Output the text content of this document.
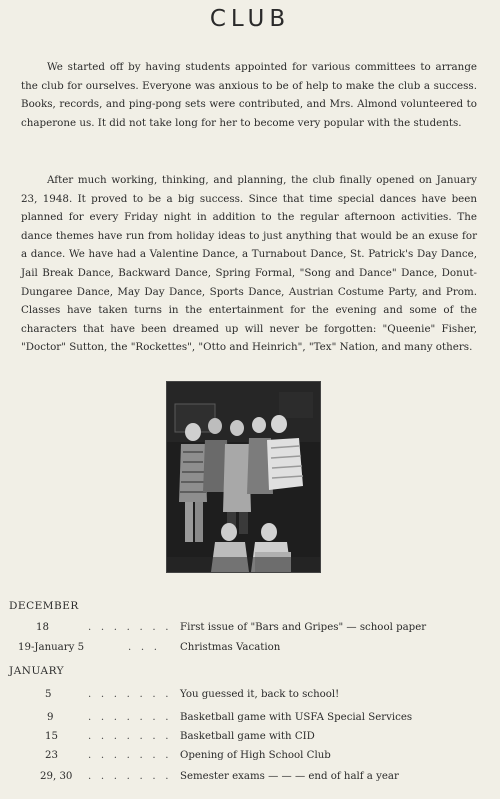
CLUB

We started off by having students appointed for various committees to arrange the club for ourselves. Everyone was anxious to be of help to make the club a success. Books, records, and ping-pong sets were contributed, and Mrs. Almond volunteered to chaperone us. It did not take long for her to become very popular with the students.

After much working, thinking, and planning, the club finally opened on January 23, 1948. It proved to be a big success. Since that time special dances have been planned for every Friday night in addition to the regular afternoon activities. The dance themes have run from holiday ideas to just anything that would be an exuse for a dance. We have had a Valentine Dance, a Turnabout Dance, St. Patrick's Day Dance, Jail Break Dance, Backward Dance, Spring Formal, "Song and Dance" Dance, Donut-Dungaree Dance, May Day Dance, Sports Dance, Austrian Costume Party, and Prom. Classes have taken turns in the entertainment for the evening and some of the characters that have been dreamed up will never be forgotten: "Queenie" Fisher, "Doctor" Sutton, the "Rockettes", "Otto and Heinrich", "Tex" Nation, and many others.

DECEMBER
18	. . . . . . . First issue of "Bars and Gripes" — school paper
19-January 5	. . . Christmas Vacation
JANUARY
5	. . . . . . . You guessed it, back to school!
9	. . . . . . . Basketball game with USFA Special Services
15	. . . . . . . Basketball game with CID
23	. . . . . . . Opening of High School Club
29, 30 . . . . . . . Semester exams — — — end of half a year
